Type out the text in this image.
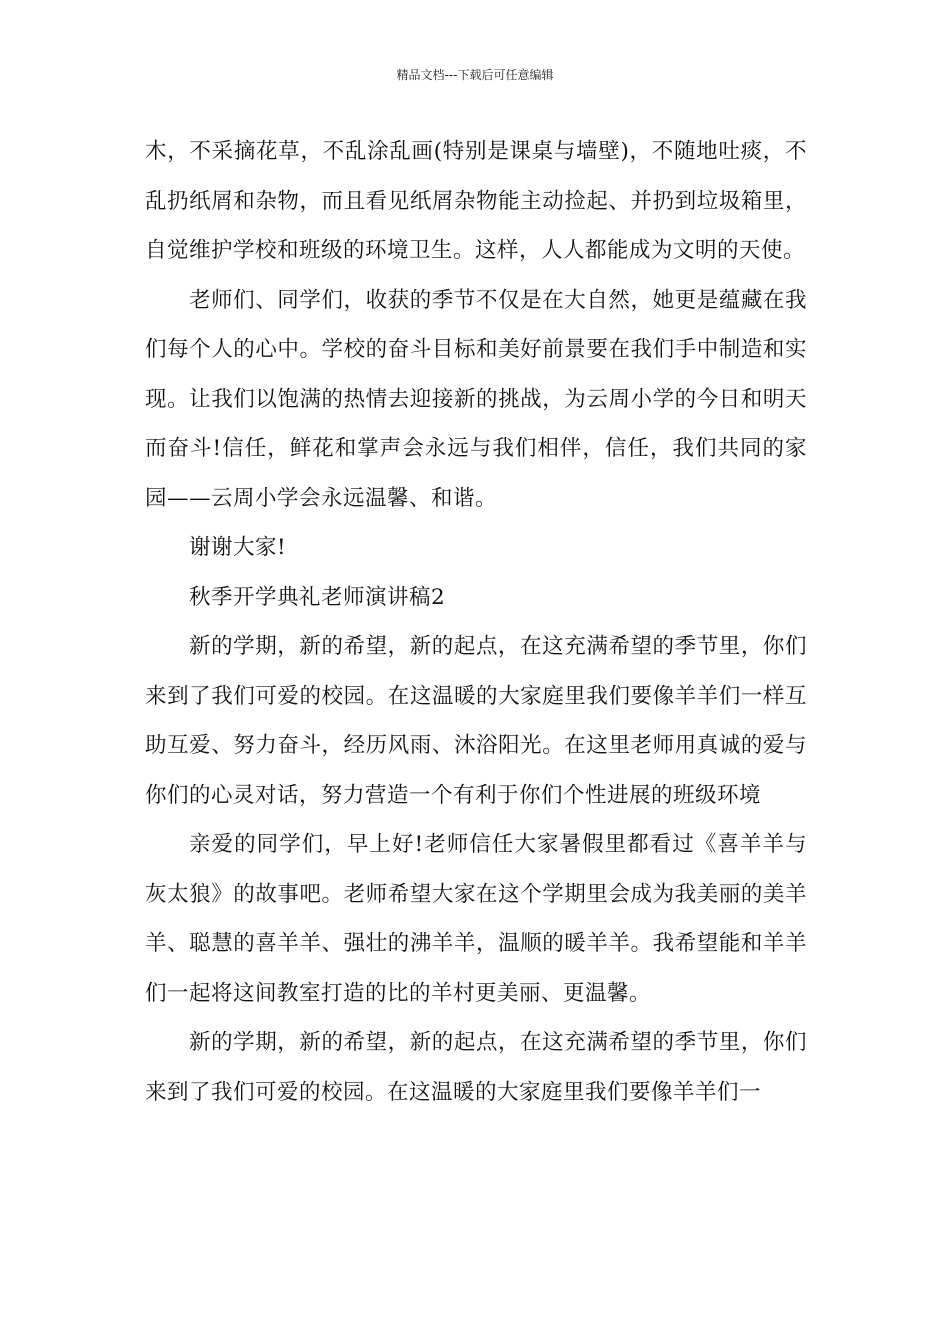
精品文档---下载后可任意编辑

木，不采摘花草，不乱涂乱画(特别是课桌与墙壁)，不随地吐痰，不乱扔纸屑和杂物，而且看见纸屑杂物能主动捡起、并扔到垃圾箱里，自觉维护学校和班级的环境卫生。这样，人人都能成为文明的天使。

老师们、同学们，收获的季节不仅是在大自然，她更是蕴藏在我们每个人的心中。学校的奋斗目标和美好前景要在我们手中制造和实现。让我们以饱满的热情去迎接新的挑战，为云周小学的今日和明天而奋斗!信任，鲜花和掌声会永远与我们相伴，信任，我们共同的家园——云周小学会永远温馨、和谐。

谢谢大家!

秋季开学典礼老师演讲稿2

新的学期，新的希望，新的起点，在这充满希望的季节里，你们来到了我们可爱的校园。在这温暖的大家庭里我们要像羊羊们一样互助互爱、努力奋斗，经历风雨、沐浴阳光。在这里老师用真诚的爱与你们的心灵对话，努力营造一个有利于你们个性进展的班级环境

亲爱的同学们，早上好!老师信任大家暑假里都看过《喜羊羊与灰太狼》的故事吧。老师希望大家在这个学期里会成为我美丽的美羊羊、聪慧的喜羊羊、强壮的沸羊羊，温顺的暖羊羊。我希望能和羊羊们一起将这间教室打造的比的羊村更美丽、更温馨。

新的学期，新的希望，新的起点，在这充满希望的季节里，你们来到了我们可爱的校园。在这温暖的大家庭里我们要像羊羊们一
